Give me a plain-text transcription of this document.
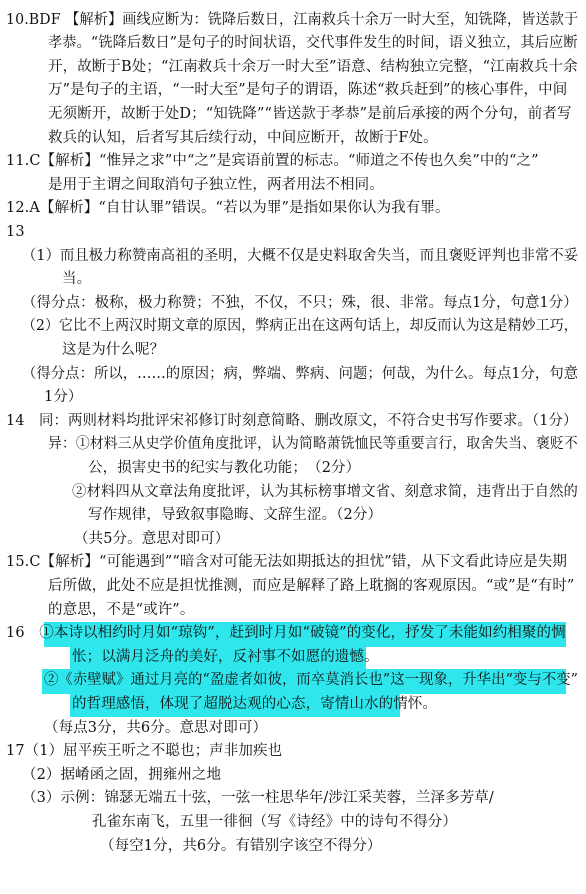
10.BDF 【解析】画线应断为：铣降后数日，江南救兵十余万一时大至，知铣降，皆送款于
孝恭。“铣降后数日”是句子的时间状语，交代事件发生的时间，语义独立，其后应断
开，故断于B处；“江南救兵十余万一时大至”语意、结构独立完整，“江南救兵十余
万”是句子的主语，“一时大至”是句子的谓语，陈述“救兵赶到”的核心事件，中间
无须断开，故断于处D；“知铣降”“皆送款于孝恭”是前后承接的两个分句，前者写
救兵的认知，后者写其后续行动，中间应断开，故断于F处。
11.C【解析】“惟异之求”中“之”是宾语前置的标志。“师道之不传也久矣”中的“之”
是用于主谓之间取消句子独立性，两者用法不相同。
12.A【解析】“自甘认罪”错误。“若以为罪”是指如果你认为我有罪。
13
（1）而且极力称赞南高祖的圣明，大概不仅是史料取舍失当，而且褒贬评判也非常不妥
当。
（得分点：极称，极力称赞；不独，不仅，不只；殊，很、非常。每点1分，句意1分）
（2）它比不上两汉时期文章的原因，弊病正出在这两句话上，却反而认为这是精妙工巧，
这是为什么呢？
（得分点：所以，……的原因；病，弊端、弊病、问题；何哉，为什么。每点1分，句意
1分）
14　同：两则材料均批评宋祁修订时刻意简略、删改原文，不符合史书写作要求。（1分）
异：①材料三从史学价值角度批评，认为简略萧铣恤民等重要言行，取舍失当、褒贬不
公，损害史书的纪实与教化功能；　（2分）
②材料四从文章法角度批评，认为其标榜事增文省、刻意求简，违背出于自然的
写作规律，导致叙事隐晦、文辞生涩。（2分）
（共5分。意思对即可）
15.C【解析】“可能遇到”“暗含对可能无法如期抵达的担忧”错，从下文看此诗应是失期
后所做，此处不应是担忧推测，而应是解释了路上耽搁的客观原因。“或”是“有时”
的意思，不是“或许”。
16　①本诗以相约时月如“琼钩”，赶到时月如“破镜”的变化，抒发了未能如约相聚的惆
怅；以满月泛舟的美好，反衬事不如愿的遗憾。
②《赤壁赋》通过月亮的“盈虚者如彼，而卒莫消长也”这一现象，升华出“变与不变”
的哲理感悟，体现了超脱达观的心态，寄情山水的情怀。
（每点3分，共6分。意思对即可）
17（1）屈平疾王听之不聪也；声非加疾也
（2）据崤函之固，拥雍州之地
（3）示例：锦瑟无端五十弦，一弦一柱思华年/涉江采芙蓉，兰泽多芳草/
孔雀东南飞，五里一徘徊（写《诗经》中的诗句不得分）
（每空1分，共6分。有错别字该空不得分）
